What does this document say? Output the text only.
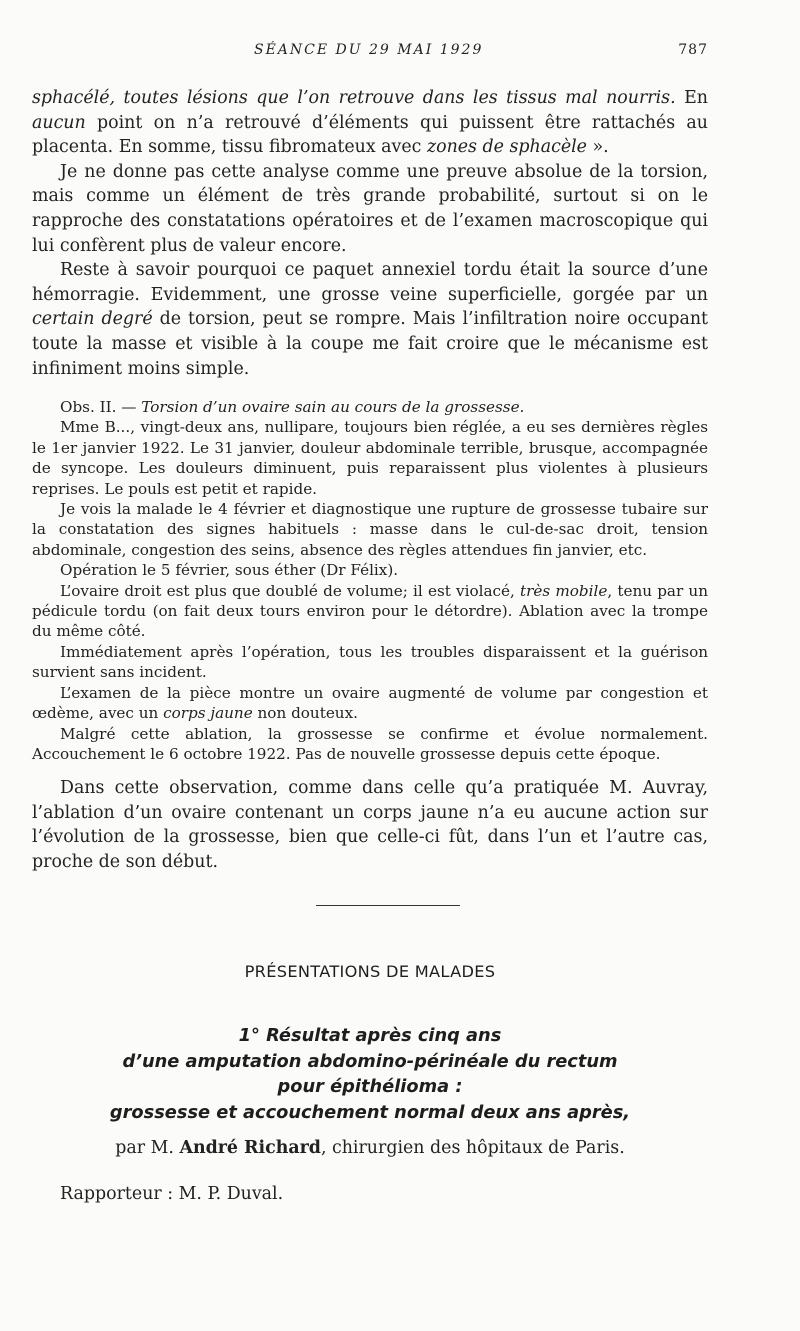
SÉANCE DU 29 MAI 1929	787

sphacélé, toutes lésions que l’on retrouve dans les tissus mal nourris. En aucun point on n’a retrouvé d’éléments qui puissent être rattachés au placenta. En somme, tissu fibromateux avec zones de sphacèle ».

Je ne donne pas cette analyse comme une preuve absolue de la torsion, mais comme un élément de très grande probabilité, surtout si on le rapproche des constatations opératoires et de l’examen macroscopique qui lui confèrent plus de valeur encore.

Reste à savoir pourquoi ce paquet annexiel tordu était la source d’une hémorragie. Evidemment, une grosse veine superficielle, gorgée par un certain degré de torsion, peut se rompre. Mais l’infiltration noire occupant toute la masse et visible à la coupe me fait croire que le mécanisme est infiniment moins simple.

Obs. II. — Torsion d’un ovaire sain au cours de la grossesse.

Mme B..., vingt-deux ans, nullipare, toujours bien réglée, a eu ses dernières règles le 1er janvier 1922. Le 31 janvier, douleur abdominale terrible, brusque, accompagnée de syncope. Les douleurs diminuent, puis reparaissent plus violentes à plusieurs reprises. Le pouls est petit et rapide.

Je vois la malade le 4 février et diagnostique une rupture de grossesse tubaire sur la constatation des signes habituels : masse dans le cul-de-sac droit, tension abdominale, congestion des seins, absence des règles attendues fin janvier, etc.

Opération le 5 février, sous éther (Dr Félix).

L’ovaire droit est plus que doublé de volume; il est violacé, très mobile, tenu par un pédicule tordu (on fait deux tours environ pour le détordre). Ablation avec la trompe du même côté.

Immédiatement après l’opération, tous les troubles disparaissent et la guérison survient sans incident.

L’examen de la pièce montre un ovaire augmenté de volume par congestion et œdème, avec un corps jaune non douteux.

Malgré cette ablation, la grossesse se confirme et évolue normalement. Accouchement le 6 octobre 1922. Pas de nouvelle grossesse depuis cette époque.

Dans cette observation, comme dans celle qu’a pratiquée M. Auvray, l’ablation d’un ovaire contenant un corps jaune n’a eu aucune action sur l’évolution de la grossesse, bien que celle-ci fût, dans l’un et l’autre cas, proche de son début.

PRÉSENTATIONS DE MALADES
1° Résultat après cinq ans
d’une amputation abdomino-périnéale du rectum
pour épithélioma :
grossesse et accouchement normal deux ans après,
par M. André Richard, chirurgien des hôpitaux de Paris.
Rapporteur : M. P. Duval.
